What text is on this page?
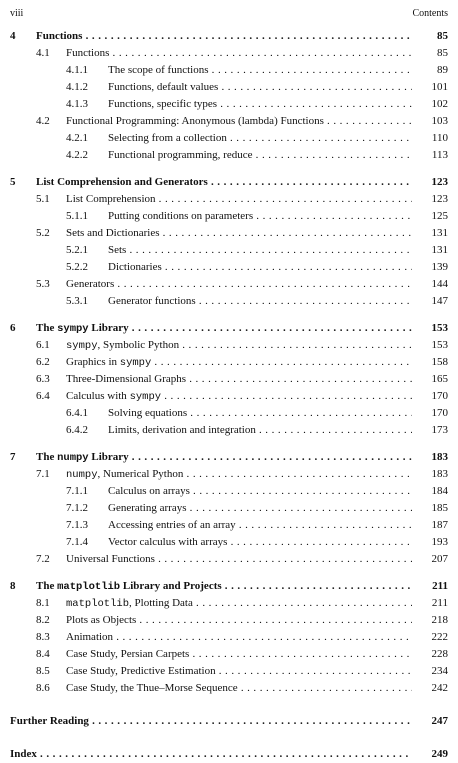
viii	Contents
4 Functions . . .	85
4.1 Functions . . .	85
4.1.1 The scope of functions . . .	89
4.1.2 Functions, default values . . .	101
4.1.3 Functions, specific types . . .	102
4.2 Functional Programming: Anonymous (lambda) Functions . . .	103
4.2.1 Selecting from a collection . . .	110
4.2.2 Functional programming, reduce . . .	113
5 List Comprehension and Generators . . .	123
5.1 List Comprehension . . .	123
5.1.1 Putting conditions on parameters . . .	125
5.2 Sets and Dictionaries . . .	131
5.2.1 Sets . . .	131
5.2.2 Dictionaries . . .	139
5.3 Generators . . .	144
5.3.1 Generator functions . . .	147
6 The sympy Library . . .	153
6.1 sympy, Symbolic Python . . .	153
6.2 Graphics in sympy . . .	158
6.3 Three-Dimensional Graphs . . .	165
6.4 Calculus with sympy . . .	170
6.4.1 Solving equations . . .	170
6.4.2 Limits, derivation and integration . . .	173
7 The numpy Library . . .	183
7.1 numpy, Numerical Python . . .	183
7.1.1 Calculus on arrays . . .	184
7.1.2 Generating arrays . . .	185
7.1.3 Accessing entries of an array . . .	187
7.1.4 Vector calculus with arrays . . .	193
7.2 Universal Functions . . .	207
8 The matplotlib Library and Projects . . .	211
8.1 matplotlib, Plotting Data . . .	211
8.2 Plots as Objects . . .	218
8.3 Animation . . .	222
8.4 Case Study, Persian Carpets . . .	228
8.5 Case Study, Predictive Estimation . . .	234
8.6 Case Study, the Thue–Morse Sequence . . .	242
Further Reading . . .	247
Index . . .	249
